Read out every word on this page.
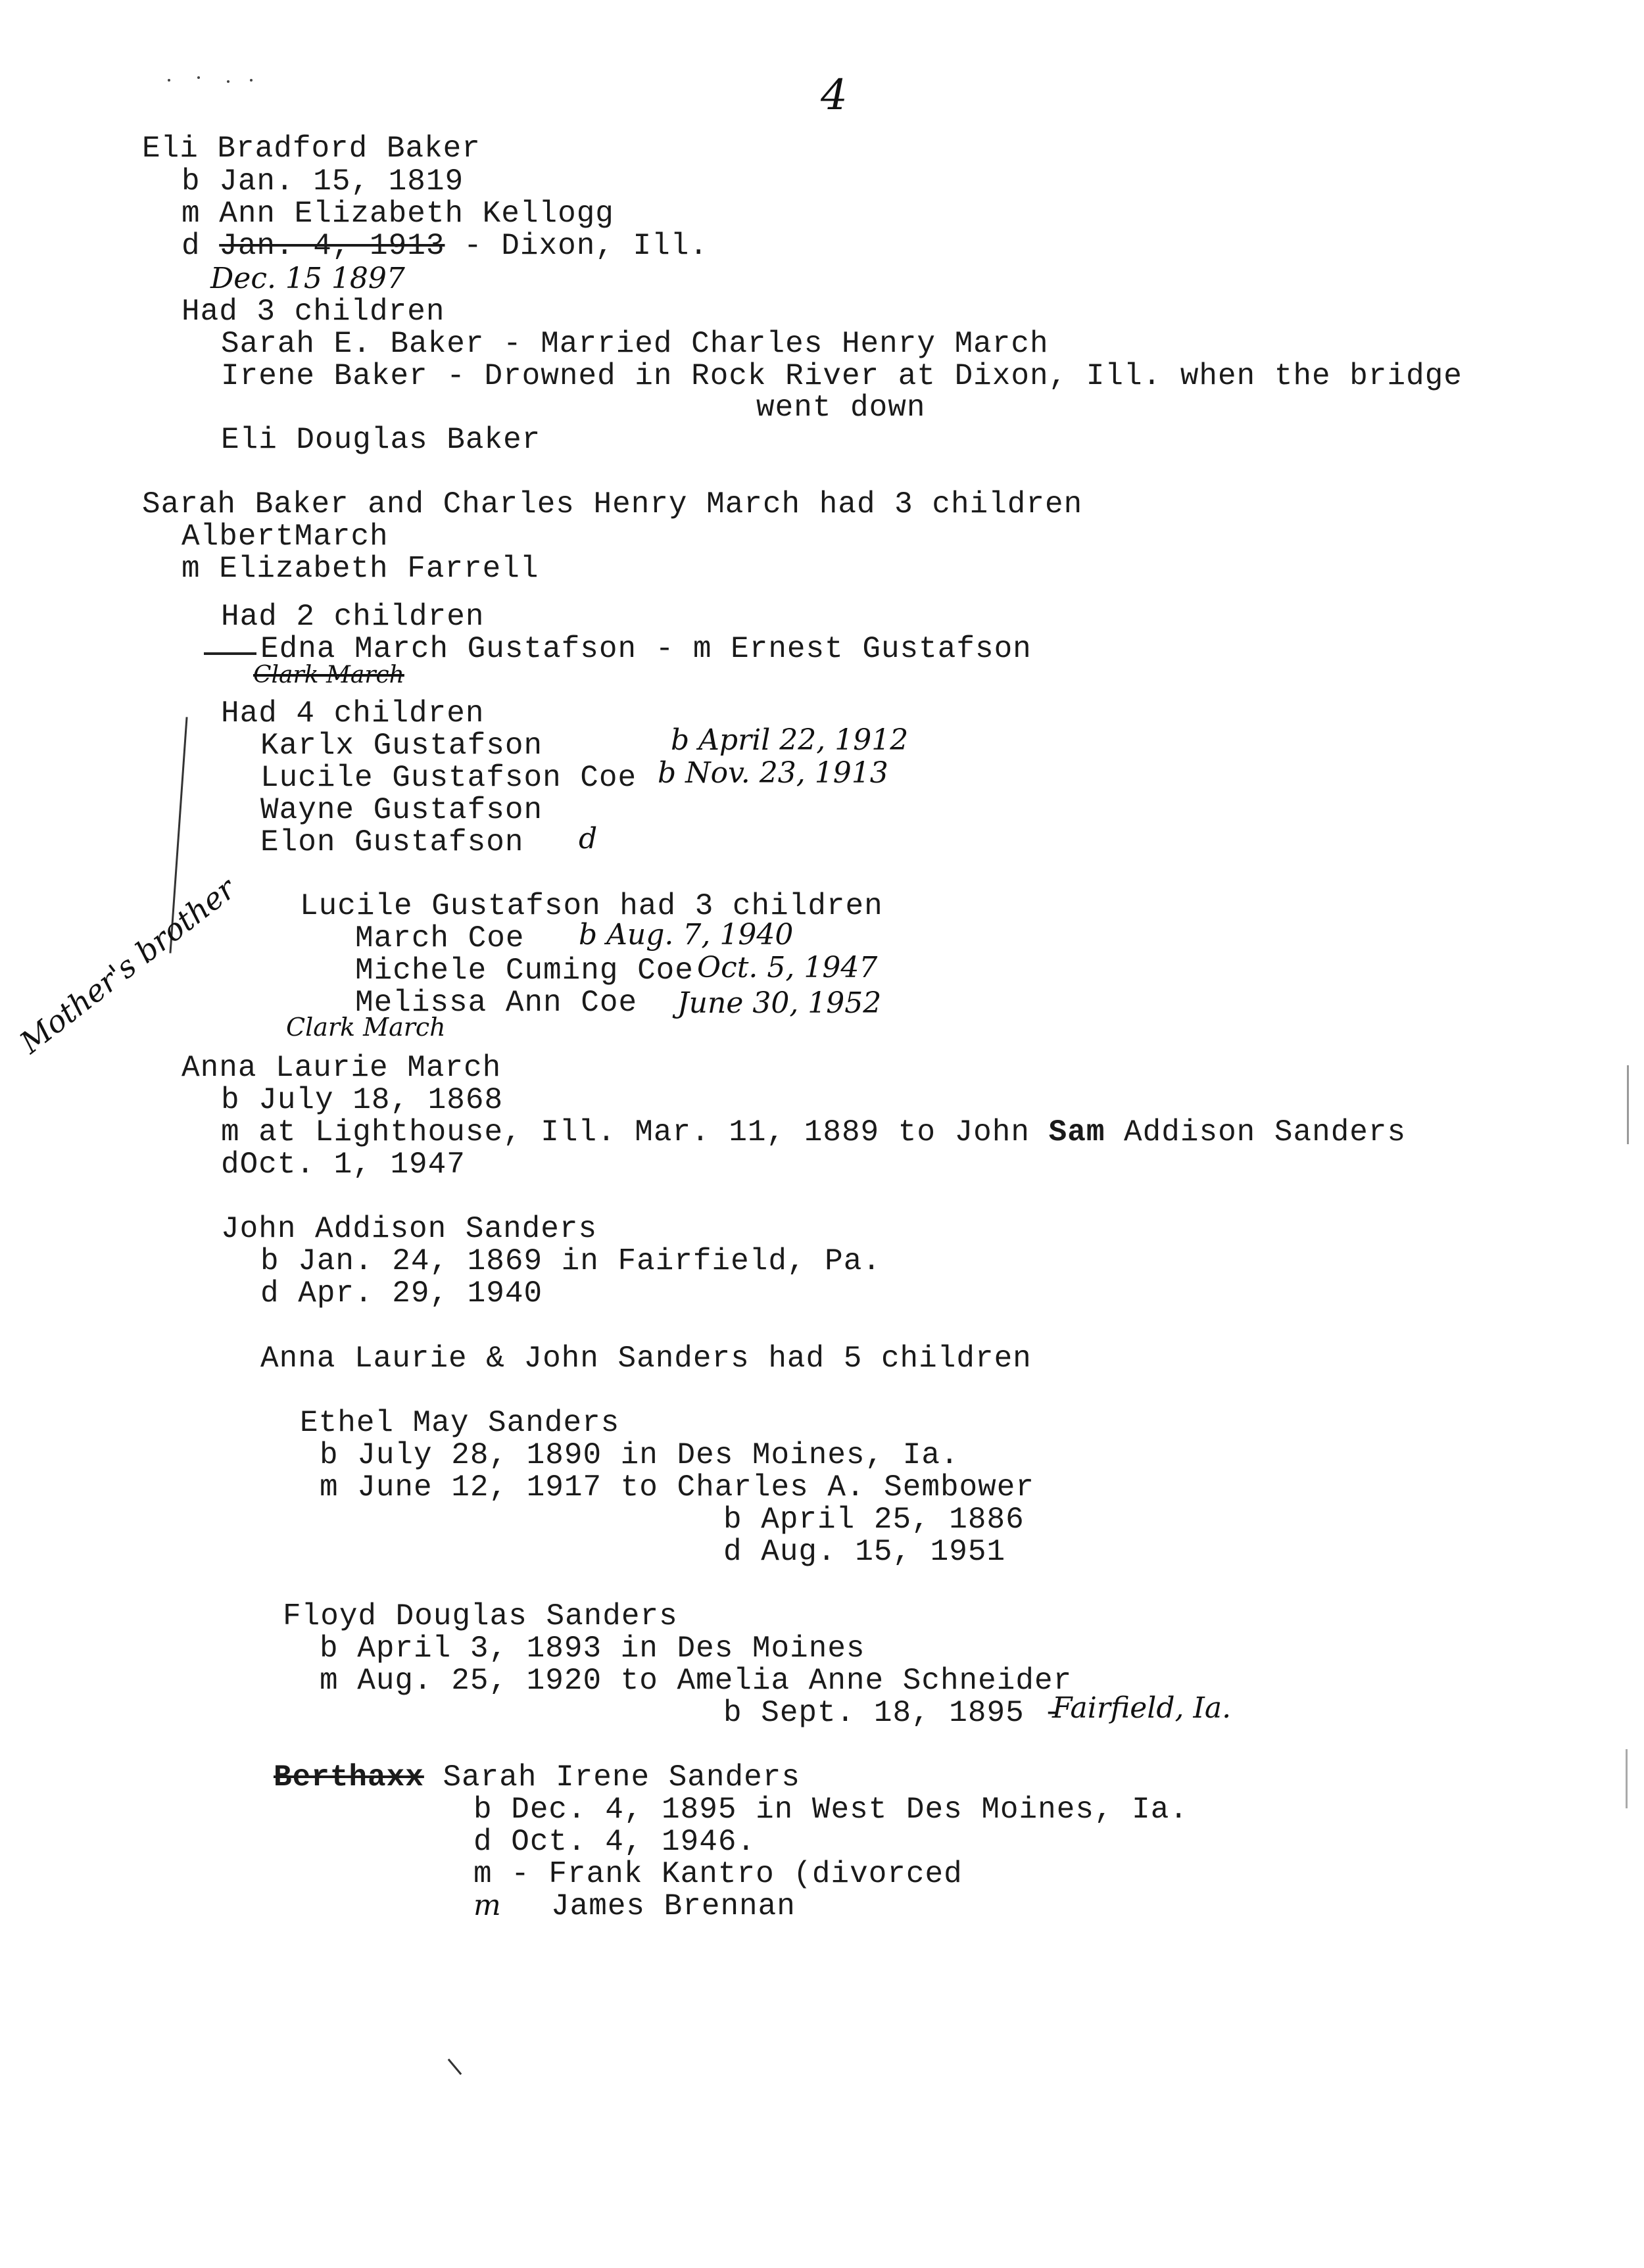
4
Eli Bradford Baker
b Jan. 15, 1819
m Ann Elizabeth Kellogg
d Jan. 4, 1913 - Dixon, Ill.
Dec. 15 1897
Had 3 children
Sarah E. Baker - Married Charles Henry March
Irene Baker - Drowned in Rock River at Dixon, Ill. when the bridge
went down
Eli Douglas Baker
Sarah Baker and Charles Henry March had 3 children
AlbertMarch
m Elizabeth Farrell
Had 2 children
Edna March Gustafson - m Ernest Gustafson
Clark March
Had 4 children
Karlx Gustafson	b April 22, 1912
Lucile Gustafson Coe b Nov. 23, 1913
Wayne Gustafson
Elon Gustafson d
Lucile Gustafson had 3 children
March Coe b Aug. 7, 1940
Michele Cuming Coe Oct. 5, 1947
Melissa Ann Coe June 30, 1952
Clark March
Mother's brother
Anna Laurie March
b July 18, 1868
m at Lighthouse, Ill. Mar. 11, 1889 to John Sam Addison Sanders
dOct. 1, 1947
John Addison Sanders
b Jan. 24, 1869 in Fairfield, Pa.
d Apr. 29, 1940
Anna Laurie & John Sanders had 5 children
Ethel May Sanders
b July 28, 1890 in Des Moines, Ia.
m June 12, 1917 to Charles A. Sembower
b April 25, 1886
d Aug. 15, 1951
Floyd Douglas Sanders
b April 3, 1893 in Des Moines
m Aug. 25, 1920 to Amelia Anne Schneider
b Sept. 18, 1895 -
Fairfield, Ia.
Berthaxx Sarah Irene Sanders
b Dec. 4, 1895 in West Des Moines, Ia.
d Oct. 4, 1946.
m - Frank Kantro (divorced
m James Brennan
